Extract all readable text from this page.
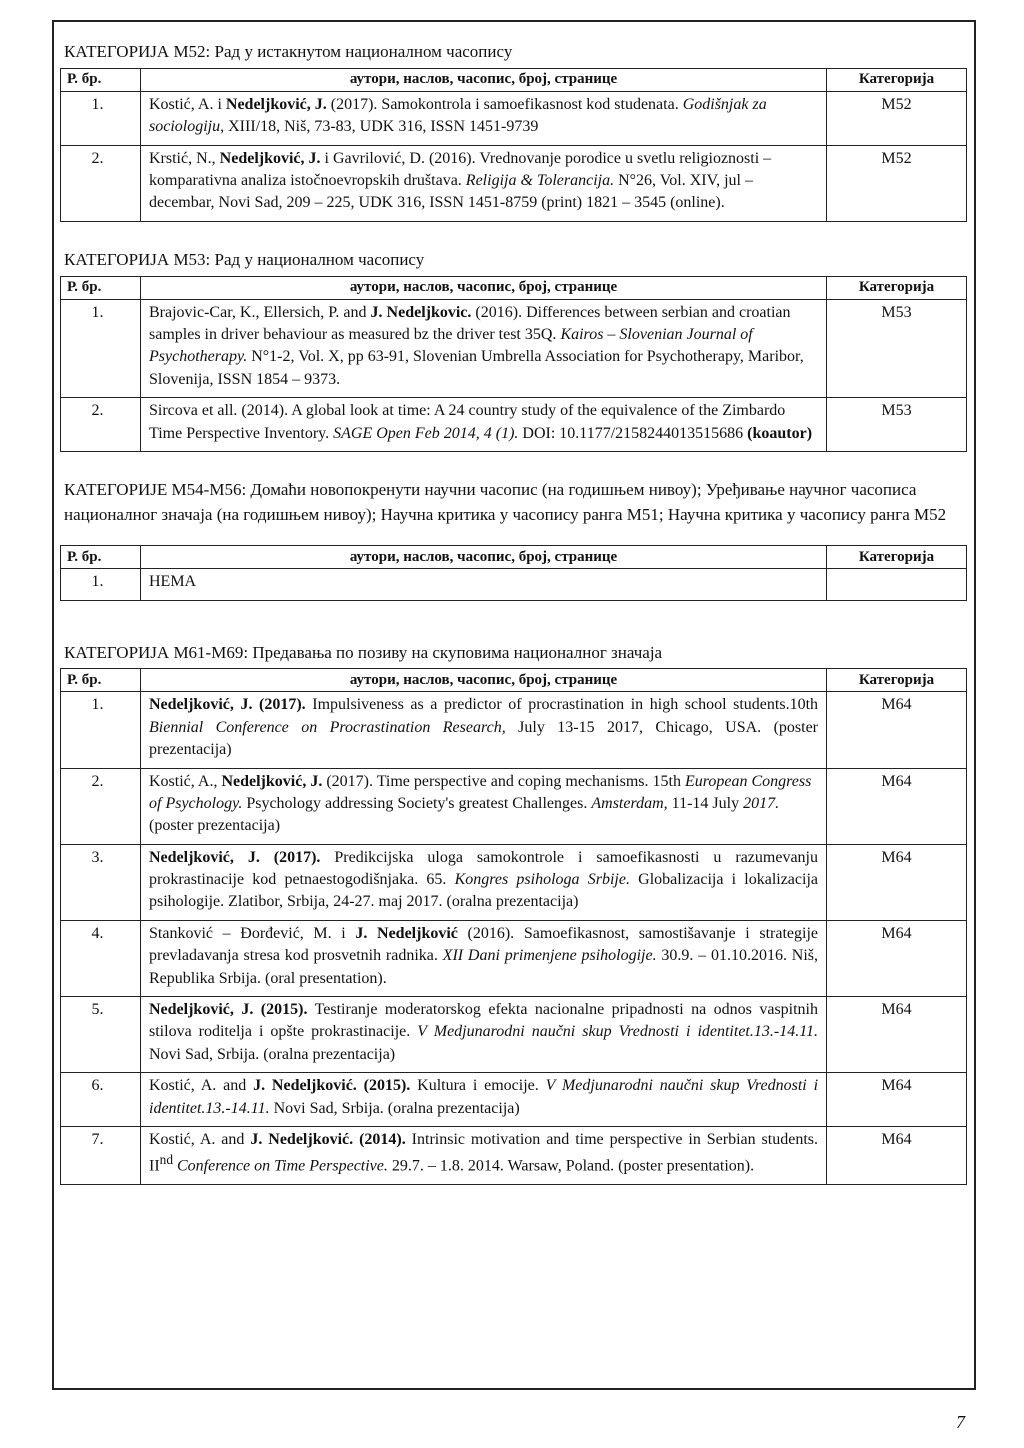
КАТЕГОРИЈА М52: Рад у истакнутом националном часопису
Р. бр.	аутори, наслов, часопис, број, странице	Категорија
1.	Kostić, A. i Nedeljković, J. (2017). Samokontrola i samoefikasnost kod studenata. Godišnjak za sociologiju, XIII/18, Niš, 73-83, UDK 316, ISSN 1451-9739	M52
2.	Krstić, N., Nedeljković, J. i Gavrilović, D. (2016). Vrednovanje porodice u svetlu religioznosti – komparativna analiza istočnoevropskih društava. Religija & Tolerancija. N°26, Vol. XIV, jul – decembar, Novi Sad, 209 – 225, UDK 316, ISSN 1451-8759 (print) 1821 – 3545 (online).	M52
КАТЕГОРИЈА М53: Рад у националном часопису
Р. бр.	аутори, наслов, часопис, број, странице	Категорија
1.	Brajovic-Car, K., Ellersich, P. and J. Nedeljkovic. (2016). Differences between serbian and croatian samples in driver behaviour as measured bz the driver test 35Q. Kairos – Slovenian Journal of Psychotherapy. N°1-2, Vol. X, pp 63-91, Slovenian Umbrella Association for Psychotherapy, Maribor, Slovenija, ISSN 1854 – 9373.	M53
2.	Sircova et all. (2014). A global look at time: A 24 country study of the equivalence of the Zimbardo Time Perspective Inventory. SAGE Open Feb 2014, 4 (1). DOI: 10.1177/2158244013515686 (koautor)	M53
КАТЕГОРИЈЕ М54-М56: Домаћи новопокренути научни часопис (на годишњем нивоу); Уређивање научног часописа националног значаја (на годишњем нивоу); Научна критика у часопису ранга М51; Научна критика у часопису ранга М52
Р. бр.	аутори, наслов, часопис, број, странице	Категорија
1.	НЕМА	
КАТЕГОРИЈА М61-М69: Предавања по позиву на скуповима националног значаја
Р. бр.	аутори, наслов, часопис, број, странице	Категорија
1.	Nedeljković, J. (2017). Impulsiveness as a predictor of procrastination in high school students.10th Biennial Conference on Procrastination Research, July 13-15 2017, Chicago, USA. (poster prezentacija)	M64
2.	Kostić, A., Nedeljković, J. (2017). Time perspective and coping mechanisms. 15th European Congress of Psychology. Psychology addressing Society's greatest Challenges. Amsterdam, 11-14 July 2017. (poster prezentacija)	M64
3.	Nedeljković, J. (2017). Predikcijska uloga samokontrole i samoefikasnosti u razumevanju prokrastinacije kod petnaestogodišnjaka. 65. Kongres psihologa Srbije. Globalizacija i lokalizacija psihologije. Zlatibor, Srbija, 24-27. maj 2017. (oralna prezentacija)	M64
4.	Stanković – Đorđević, M. i J. Nedeljković (2016). Samoefikasnost, samostišavanje i strategije prevladavanja stresa kod prosvetnih radnika. XII Dani primenjene psihologije. 30.9. – 01.10.2016. Niš, Republika Srbija. (oral presentation).	M64
5.	Nedeljković, J. (2015). Testiranje moderatorskog efekta nacionalne pripadnosti na odnos vaspitnih stilova roditelja i opšte prokrastinacije. V Medjunarodni naučni skup Vrednosti i identitet.13.-14.11. Novi Sad, Srbija. (oralna prezentacija)	M64
6.	Kostić, A. and J. Nedeljković. (2015). Kultura i emocije. V Medjunarodni naučni skup Vrednosti i identitet.13.-14.11. Novi Sad, Srbija. (oralna prezentacija)	M64
7.	Kostić, A. and J. Nedeljković. (2014). Intrinsic motivation and time perspective in Serbian students. IInd Conference on Time Perspective. 29.7. – 1.8. 2014. Warsaw, Poland. (poster presentation).	M64
7
